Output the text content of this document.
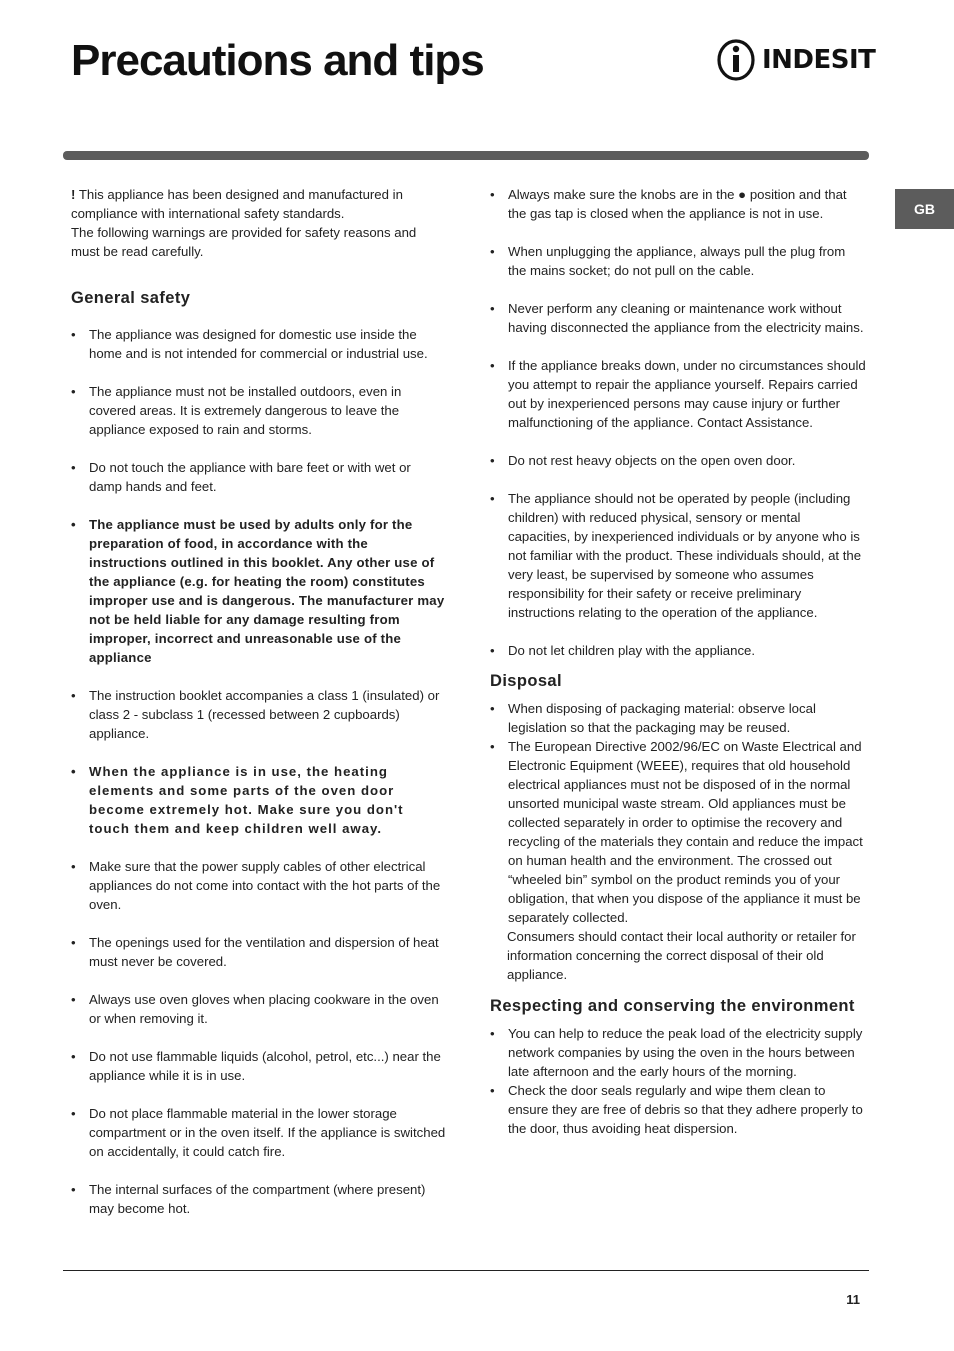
Precautions and tips	INDESIT
GB

! This appliance has been designed and manufactured in compliance with international safety standards.

The following warnings are provided for safety reasons and must be read carefully.

General safety
• The appliance was designed for domestic use inside the home and is not intended for commercial or industrial use.
• The appliance must not be installed outdoors, even in covered areas. It is extremely dangerous to leave the appliance exposed to rain and storms.
• Do not touch the appliance with bare feet or with wet or damp hands and feet.
• The appliance must be used by adults only for the preparation of food, in accordance with the instructions outlined in this booklet. Any other use of the appliance (e.g. for heating the room) constitutes improper use and is dangerous. The manufacturer may not be held liable for any damage resulting from improper, incorrect and unreasonable use of the appliance
• The instruction booklet accompanies a class 1 (insulated) or class 2 - subclass 1 (recessed between 2 cupboards) appliance.
• When the appliance is in use, the heating elements and some parts of the oven door become extremely hot. Make sure you don't touch them and keep children well away.
• Make sure that the power supply cables of other electrical appliances do not come into contact with the hot parts of the oven.
• The openings used for the ventilation and dispersion of heat must never be covered.
• Always use oven gloves when placing cookware in the oven or when removing it.
• Do not use flammable liquids (alcohol, petrol, etc...) near the appliance while it is in use.
• Do not place flammable material in the lower storage compartment or in the oven itself. If the appliance is switched on accidentally, it could catch fire.
• The internal surfaces of the compartment (where present) may become hot.
• Always make sure the knobs are in the ● position and that the gas tap is closed when the appliance is not in use.
• When unplugging the appliance, always pull the plug from the mains socket; do not pull on the cable.
• Never perform any cleaning or maintenance work without having disconnected the appliance from the electricity mains.
• If the appliance breaks down, under no circumstances should you attempt to repair the appliance yourself. Repairs carried out by inexperienced persons may cause injury or further malfunctioning of the appliance. Contact Assistance.
• Do not rest heavy objects on the open oven door.
• The appliance should not be operated by people (including children) with reduced physical, sensory or mental capacities, by inexperienced individuals or by anyone who is not familiar with the product. These individuals should, at the very least, be supervised by someone who assumes responsibility for their safety or receive preliminary instructions relating to the operation of the appliance.
• Do not let children play with the appliance.
Disposal
• When disposing of packaging material: observe local legislation so that the packaging may be reused.
• The European Directive 2002/96/EC on Waste Electrical and Electronic Equipment (WEEE), requires that old household electrical appliances must not be disposed of in the normal unsorted municipal waste stream. Old appliances must be collected separately in order to optimise the recovery and recycling of the materials they contain and reduce the impact on human health and the environment. The crossed out “wheeled bin” symbol on the product reminds you of your obligation, that when you dispose of the appliance it must be separately collected.

Consumers should contact their local authority or retailer for information concerning the correct disposal of their old appliance.

Respecting and conserving the environment
• You can help to reduce the peak load of the electricity supply network companies by using the oven in the hours between late afternoon and the early hours of the morning.
• Check the door seals regularly and wipe them clean to ensure they are free of debris so that they adhere properly to the door, thus avoiding heat dispersion.
11
